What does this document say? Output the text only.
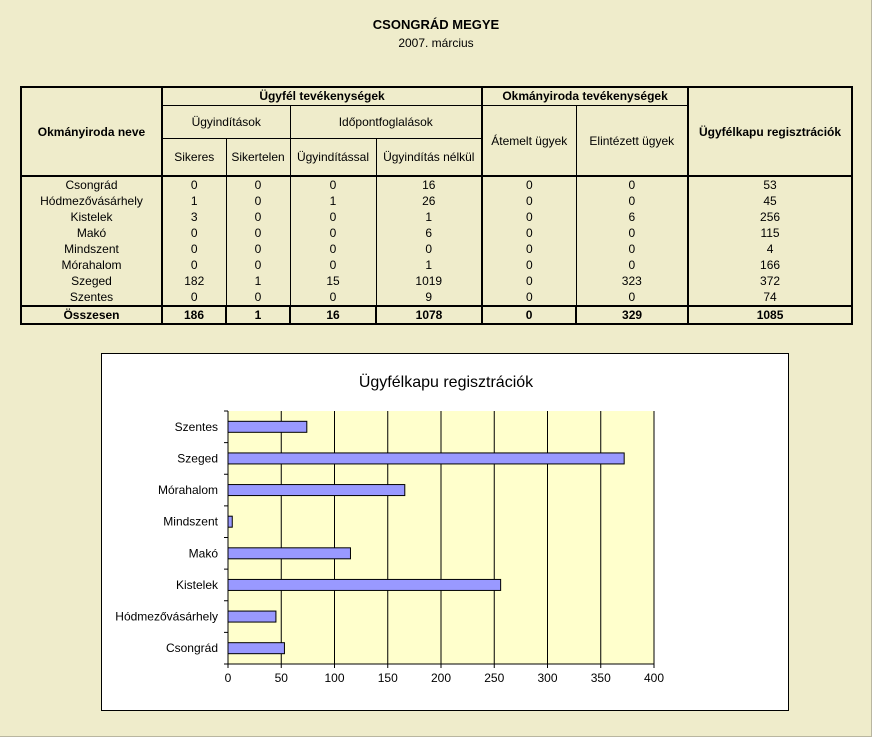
CSONGRÁD MEGYE
2007. március
Okmányiroda neve	Ügyfél tevékenységek				Okmányiroda tevékenységek		Ügyfélkapu regisztrációk
	Ügyindítások		Időpontfoglalások		Átemelt ügyek	Elintézett ügyek	
	Sikeres	Sikertelen	Ügyindítással	Ügyindítás nélkül			
Csongrád	0	0	0	16	0	0	53
Hódmezővásárhely	1	0	1	26	0	0	45
Kistelek	3	0	0	1	0	6	256
Makó	0	0	0	6	0	0	115
Mindszent	0	0	0	0	0	0	4
Mórahalom	0	0	0	1	0	0	166
Szeged	182	1	15	1019	0	323	372
Szentes	0	0	0	9	0	0	74
Összesen	186	1	16	1078	0	329	1085
Ügyfélkapu regisztrációk
Szentes
Szeged
Mórahalom
Mindszent
Makó
Kistelek
Hódmezővásárhely
Csongrád
0	50	100	150	200	250	300	350	400
